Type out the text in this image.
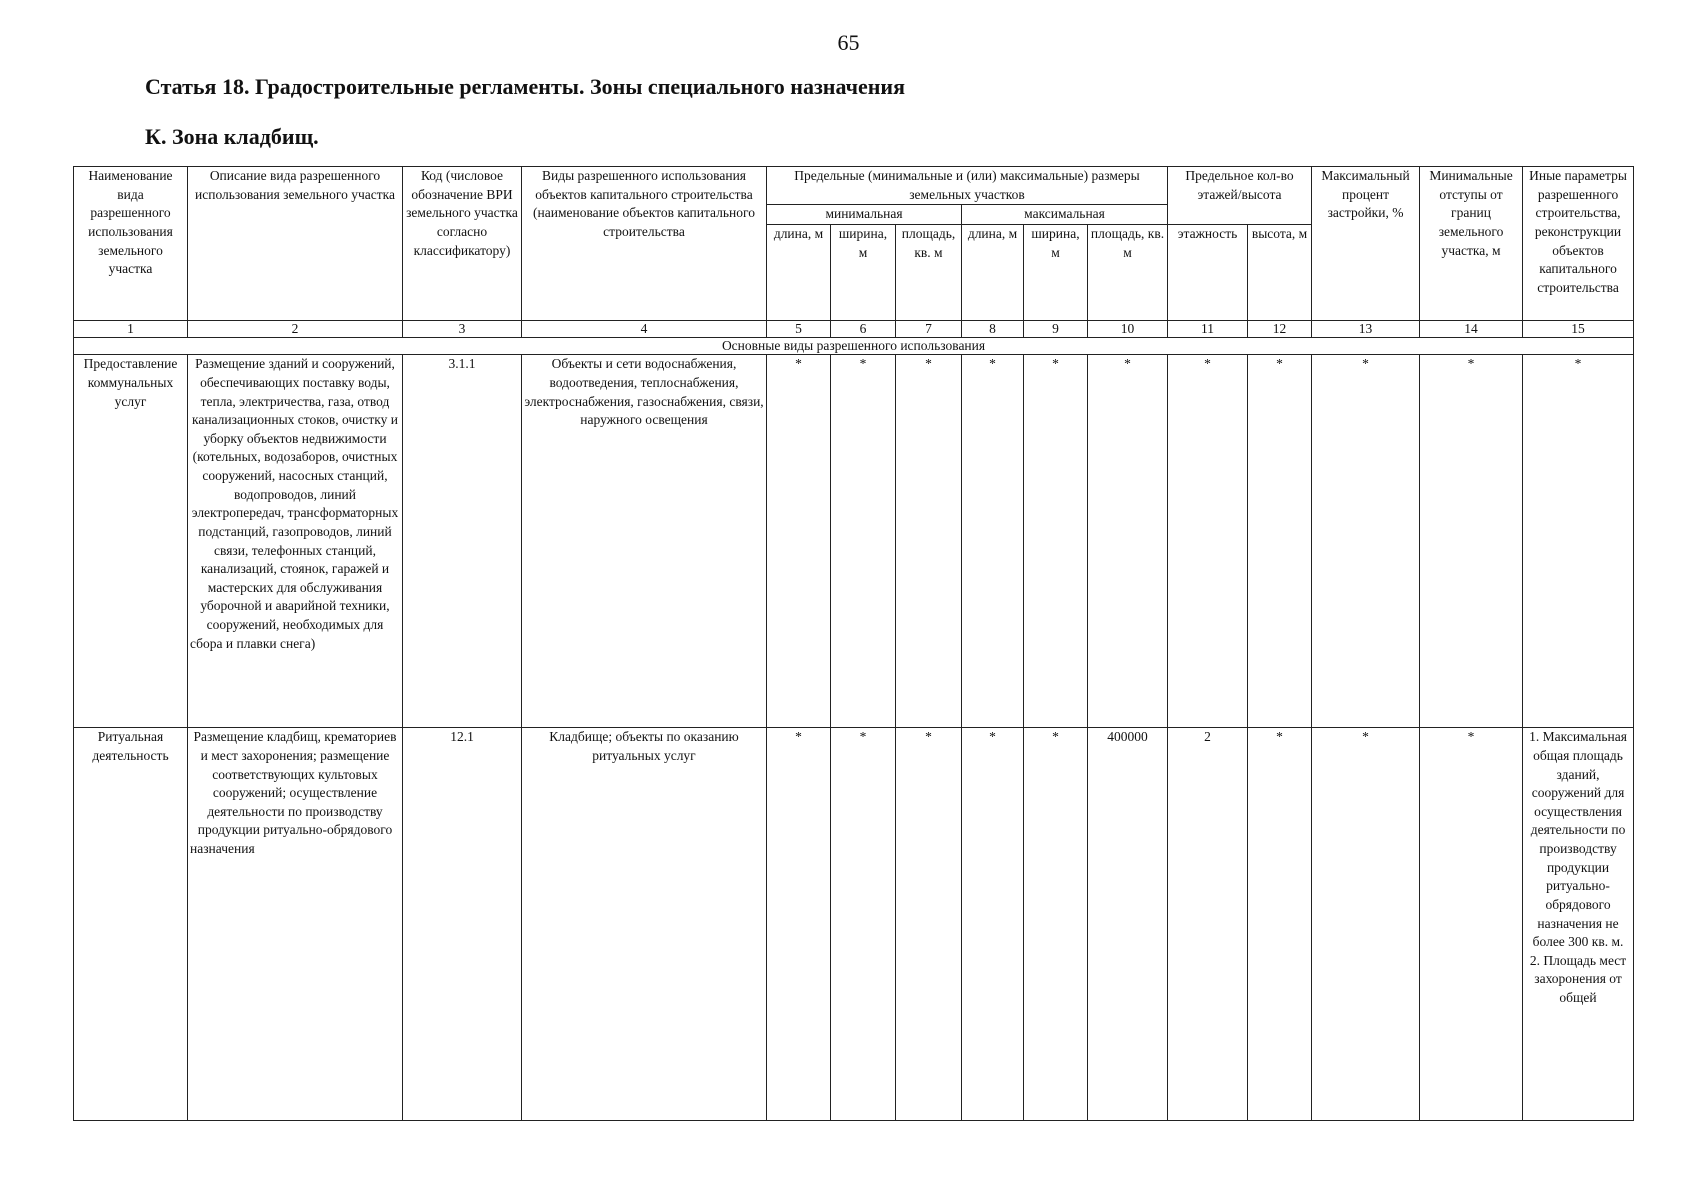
65
Статья 18. Градостроительные регламенты. Зоны специального назначения
К. Зона кладбищ.
Наименование вида разрешенного использования земельного участка	Описание вида разрешенного использования земельного участка	Код (числовое обозначение ВРИ земельного участка согласно классификатору)	Виды разрешенного использования объектов капитального строительства (наименование объектов капитального строительства	Предельные (минимальные и (или) максимальные) размеры земельных участков						Предельное кол-во этажей/высота		Максимальный процент застройки, %	Минимальные отступы от границ земельного участка, м	Иные параметры разрешенного строительства, реконструкции объектов капитального строительства
				минимальная			максимальная							
				длина, м	ширина, м	площадь, кв. м	длина, м	ширина, м	площадь, кв. м	этажность	высота, м			
1	2	3	4	5	6	7	8	9	10	11	12	13	14	15
Основные виды разрешенного использования														
Предоставление коммунальных услуг	Размещение зданий и сооружений, обеспечивающих поставку воды, тепла, электричества, газа, отвод канализационных стоков, очистку и уборку объектов недвижимости (котельных, водозаборов, очистных сооружений, насосных станций, водопроводов, линий электропередач, трансформаторных подстанций, газопроводов, линий связи, телефонных станций, канализаций, стоянок, гаражей и мастерских для обслуживания уборочной и аварийной техники, сооружений, необходимых для сбора и плавки снега)	3.1.1	Объекты и сети водоснабжения, водоотведения, теплоснабжения, электроснабжения, газоснабжения, связи, наружного освещения	*	*	*	*	*	*	*	*	*	*	*
Ритуальная деятельность	Размещение кладбищ, крематориев и мест захоронения; размещение соответствующих культовых сооружений; осуществление деятельности по производству продукции ритуально-обрядового назначения	12.1	Кладбище; объекты по оказанию ритуальных услуг	*	*	*	*	*	400000	2	*	*	*	1. Максимальная общая площадь зданий, сооружений для осуществления деятельности по производству продукции ритуально-обрядового назначения не более 300 кв. м.
2. Площадь мест захоронения от общей
